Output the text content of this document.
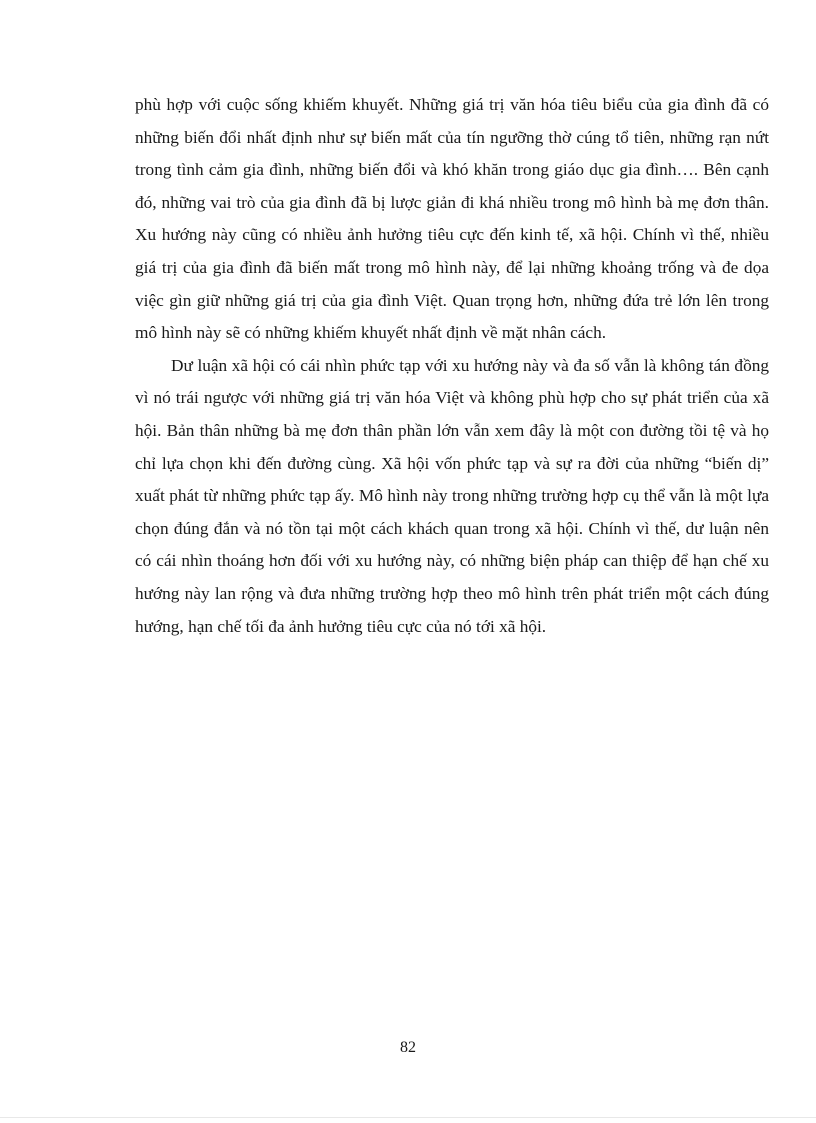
phù hợp với cuộc sống khiếm khuyết. Những giá trị văn hóa tiêu biểu của gia đình đã có những biến đổi nhất định như sự biến mất của tín ngưỡng thờ cúng tổ tiên, những rạn nứt trong tình cảm gia đình, những biến đổi và khó khăn trong giáo dục gia đình…. Bên cạnh đó, những vai trò của gia đình đã bị lược giản đi khá nhiều trong mô hình bà mẹ đơn thân. Xu hướng này cũng có nhiều ảnh hưởng tiêu cực đến kinh tế, xã hội. Chính vì thế, nhiều giá trị của gia đình đã biến mất trong mô hình này, để lại những khoảng trống và đe dọa việc gìn giữ những giá trị của gia đình Việt. Quan trọng hơn, những đứa trẻ lớn lên trong mô hình này sẽ có những khiếm khuyết nhất định về mặt nhân cách.

Dư luận xã hội có cái nhìn phức tạp với xu hướng này và đa số vẫn là không tán đồng vì nó trái ngược với những giá trị văn hóa Việt và không phù hợp cho sự phát triển của xã hội. Bản thân những bà mẹ đơn thân phần lớn vẫn xem đây là một con đường tồi tệ và họ chỉ lựa chọn khi đến đường cùng. Xã hội vốn phức tạp và sự ra đời của những “biến dị” xuất phát từ những phức tạp ấy. Mô hình này trong những trường hợp cụ thể vẫn là một lựa chọn đúng đắn và nó tồn tại một cách khách quan trong xã hội. Chính vì thế, dư luận nên có cái nhìn thoáng hơn đối với xu hướng này, có những biện pháp can thiệp để hạn chế xu hướng này lan rộng và đưa những trường hợp theo mô hình trên phát triển một cách đúng hướng, hạn chế tối đa ảnh hưởng tiêu cực của nó tới xã hội.

82
